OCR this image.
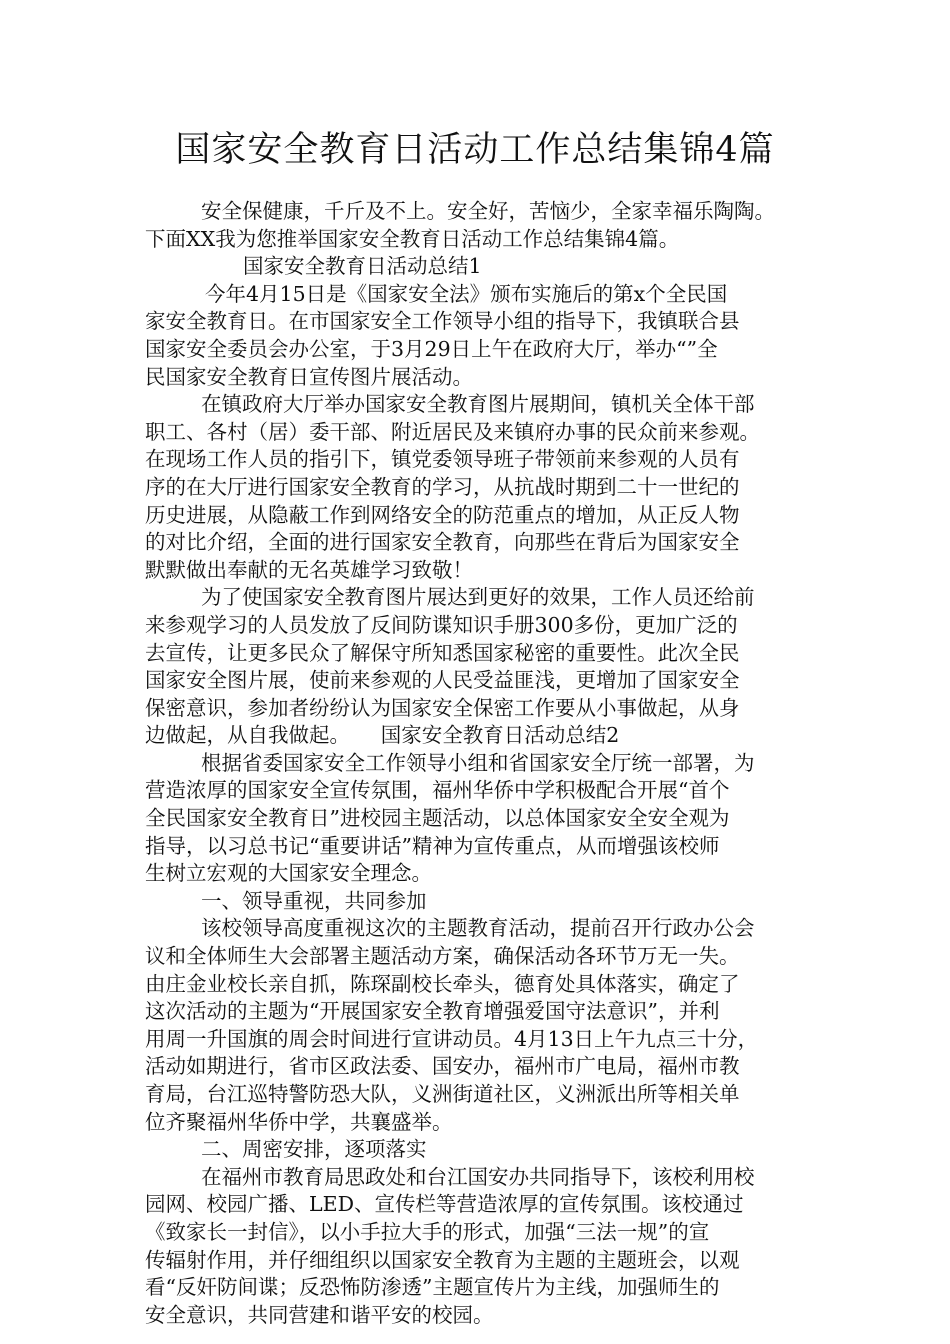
国家安全教育日活动工作总结集锦4篇
安全保健康，千斤及不上。安全好，苦恼少，全家幸福乐陶陶。
下面XX我为您推举国家安全教育日活动工作总结集锦4篇。
国家安全教育日活动总结1
今年4月15日是《国家安全法》颁布实施后的第x个全民国
家安全教育日。在市国家安全工作领导小组的指导下，我镇联合县
国家安全委员会办公室，于3月29日上午在政府大厅，举办“”全
民国家安全教育日宣传图片展活动。
在镇政府大厅举办国家安全教育图片展期间，镇机关全体干部
职工、各村（居）委干部、附近居民及来镇府办事的民众前来参观。
在现场工作人员的指引下，镇党委领导班子带领前来参观的人员有
序的在大厅进行国家安全教育的学习，从抗战时期到二十一世纪的
历史进展，从隐蔽工作到网络安全的防范重点的增加，从正反人物
的对比介绍，全面的进行国家安全教育，向那些在背后为国家安全
默默做出奉献的无名英雄学习致敬！
为了使国家安全教育图片展达到更好的效果，工作人员还给前
来参观学习的人员发放了反间防谍知识手册300多份，更加广泛的
去宣传，让更多民众了解保守所知悉国家秘密的重要性。此次全民
国家安全图片展，使前来参观的人民受益匪浅，更增加了国家安全
保密意识，参加者纷纷认为国家安全保密工作要从小事做起，从身
边做起，从自我做起。　　国家安全教育日活动总结2
根据省委国家安全工作领导小组和省国家安全厅统一部署，为
营造浓厚的国家安全宣传氛围，福州华侨中学积极配合开展“首个
全民国家安全教育日”进校园主题活动，以总体国家安全安全观为
指导，以习总书记“重要讲话”精神为宣传重点，从而增强该校师
生树立宏观的大国家安全理念。
一、领导重视，共同参加
该校领导高度重视这次的主题教育活动，提前召开行政办公会
议和全体师生大会部署主题活动方案，确保活动各环节万无一失。
由庄金业校长亲自抓，陈琛副校长牵头，德育处具体落实，确定了
这次活动的主题为“开展国家安全教育增强爱国守法意识”，并利
用周一升国旗的周会时间进行宣讲动员。4月13日上午九点三十分，
活动如期进行，省市区政法委、国安办，福州市广电局，福州市教
育局，台江巡特警防恐大队，义洲街道社区，义洲派出所等相关单
位齐聚福州华侨中学，共襄盛举。
二、周密安排，逐项落实
在福州市教育局思政处和台江国安办共同指导下，该校利用校
园网、校园广播、LED、宣传栏等营造浓厚的宣传氛围。该校通过
《致家长一封信》，以小手拉大手的形式，加强“三法一规”的宣
传辐射作用，并仔细组织以国家安全教育为主题的主题班会，以观
看“反奸防间谍；反恐怖防渗透”主题宣传片为主线，加强师生的
安全意识，共同营建和谐平安的校园。
